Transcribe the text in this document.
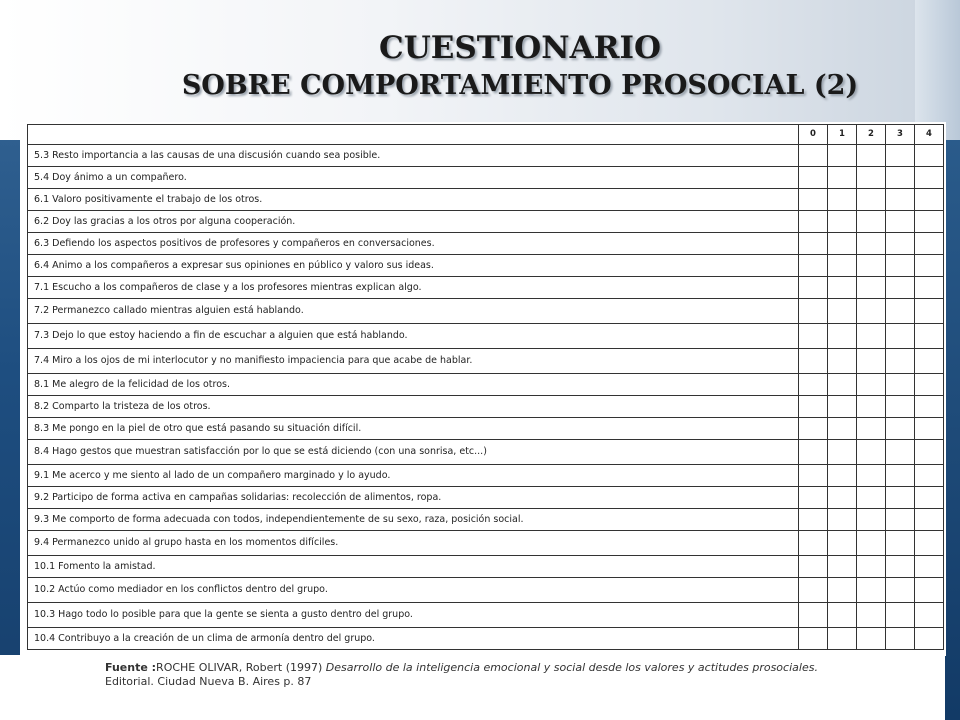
CUESTIONARIO
SOBRE COMPORTAMIENTO PROSOCIAL (2)
	0	1	2	3	4
5.3 Resto importancia a las causas de una discusión cuando sea posible.					
5.4 Doy ánimo a un compañero.					
6.1 Valoro positivamente el trabajo de los otros.					
6.2 Doy las gracias a los otros por alguna cooperación.					
6.3 Defiendo los aspectos positivos de profesores y compañeros en conversaciones.					
6.4 Animo a los compañeros a expresar sus opiniones en público y valoro sus ideas.					
7.1 Escucho a los compañeros de clase y a los profesores mientras explican algo.					
7.2 Permanezco callado mientras alguien está hablando.					
7.3 Dejo lo que estoy haciendo a fin de escuchar a alguien que está hablando.					
7.4 Miro a los ojos de mi interlocutor y no manifiesto impaciencia para que acabe de hablar.					
8.1 Me alegro de la felicidad de los otros.					
8.2 Comparto la tristeza de los otros.					
8.3 Me pongo en la piel de otro que está pasando su situación difícil.					
8.4 Hago gestos que muestran satisfacción por lo que se está diciendo (con una sonrisa, etc...)					
9.1 Me acerco y me siento al lado de un compañero marginado y lo ayudo.					
9.2 Participo de forma activa en campañas solidarias: recolección de alimentos, ropa.					
9.3 Me comporto de forma adecuada con todos, independientemente de su sexo, raza, posición social.					
9.4 Permanezco unido al grupo hasta en los momentos difíciles.					
10.1 Fomento la amistad.					
10.2 Actúo como mediador en los conflictos dentro del grupo.					
10.3 Hago todo lo posible para que la gente se sienta a gusto dentro del grupo.					
10.4 Contribuyo a la creación de un clima de armonía dentro del grupo.					
Fuente :ROCHE OLIVAR, Robert (1997) Desarrollo de la inteligencia emocional y social desde los valores y actitudes prosociales.
Editorial. Ciudad Nueva B. Aires p. 87
